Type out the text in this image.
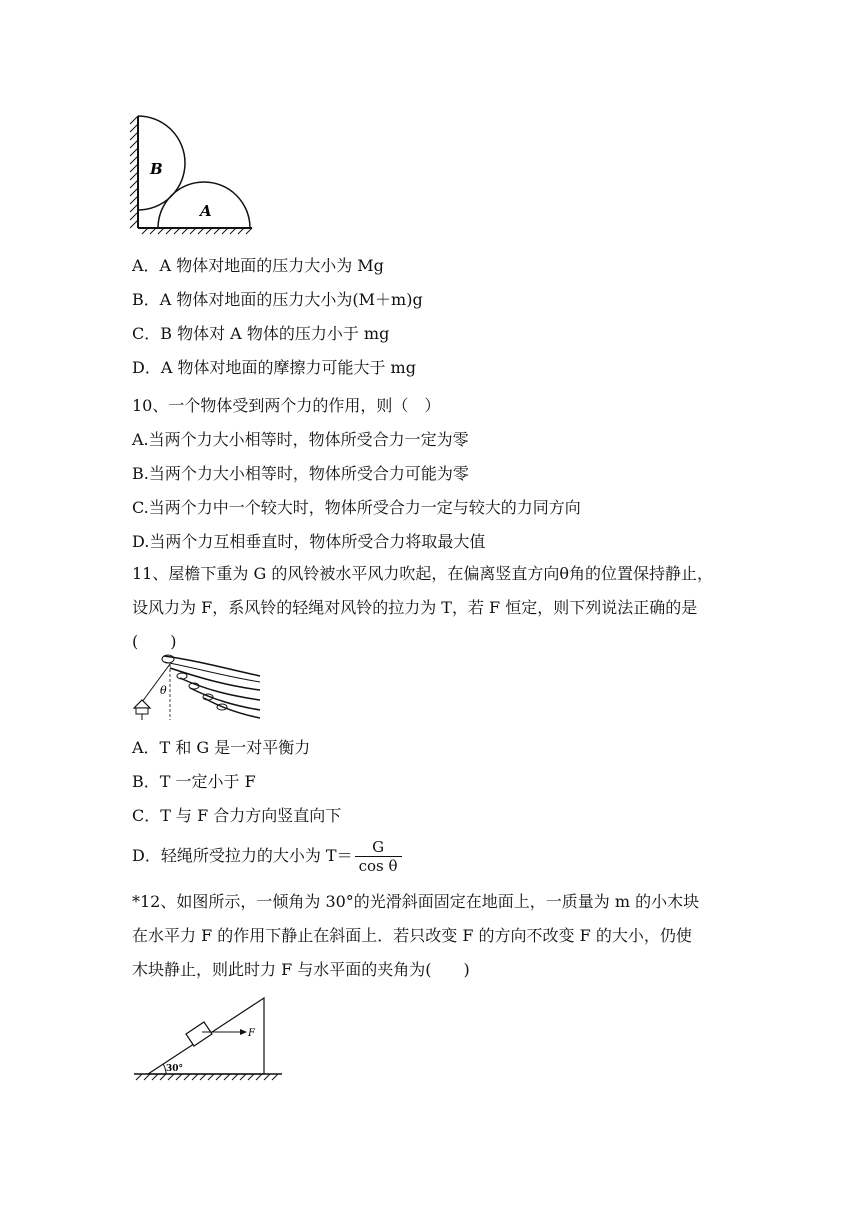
B
A
A．A 物体对地面的压力大小为 Mg
B．A 物体对地面的压力大小为(M＋m)g
C．B 物体对 A 物体的压力小于 mg
D．A 物体对地面的摩擦力可能大于 mg
10、一个物体受到两个力的作用，则（　）
A.当两个力大小相等时，物体所受合力一定为零
B.当两个力大小相等时，物体所受合力可能为零
C.当两个力中一个较大时，物体所受合力一定与较大的力同方向
D.当两个力互相垂直时，物体所受合力将取最大值
11、屋檐下重为 G 的风铃被水平风力吹起，在偏离竖直方向θ角的位置保持静止，
设风力为 F，系风铃的轻绳对风铃的拉力为 T，若 F 恒定，则下列说法正确的是
(　　)
θ
A．T 和 G 是一对平衡力
B．T 一定小于 F
C．T 与 F 合力方向竖直向下
D．轻绳所受拉力的大小为 $T= \frac{G}{\text{cos θ}}$
*12、如图所示，一倾角为 30°的光滑斜面固定在地面上，一质量为 m 的小木块
在水平力 F 的作用下静止在斜面上．若只改变 F 的方向不改变 F 的大小，仍使
木块静止，则此时力 F 与水平面的夹角为(　　)
F
30°
